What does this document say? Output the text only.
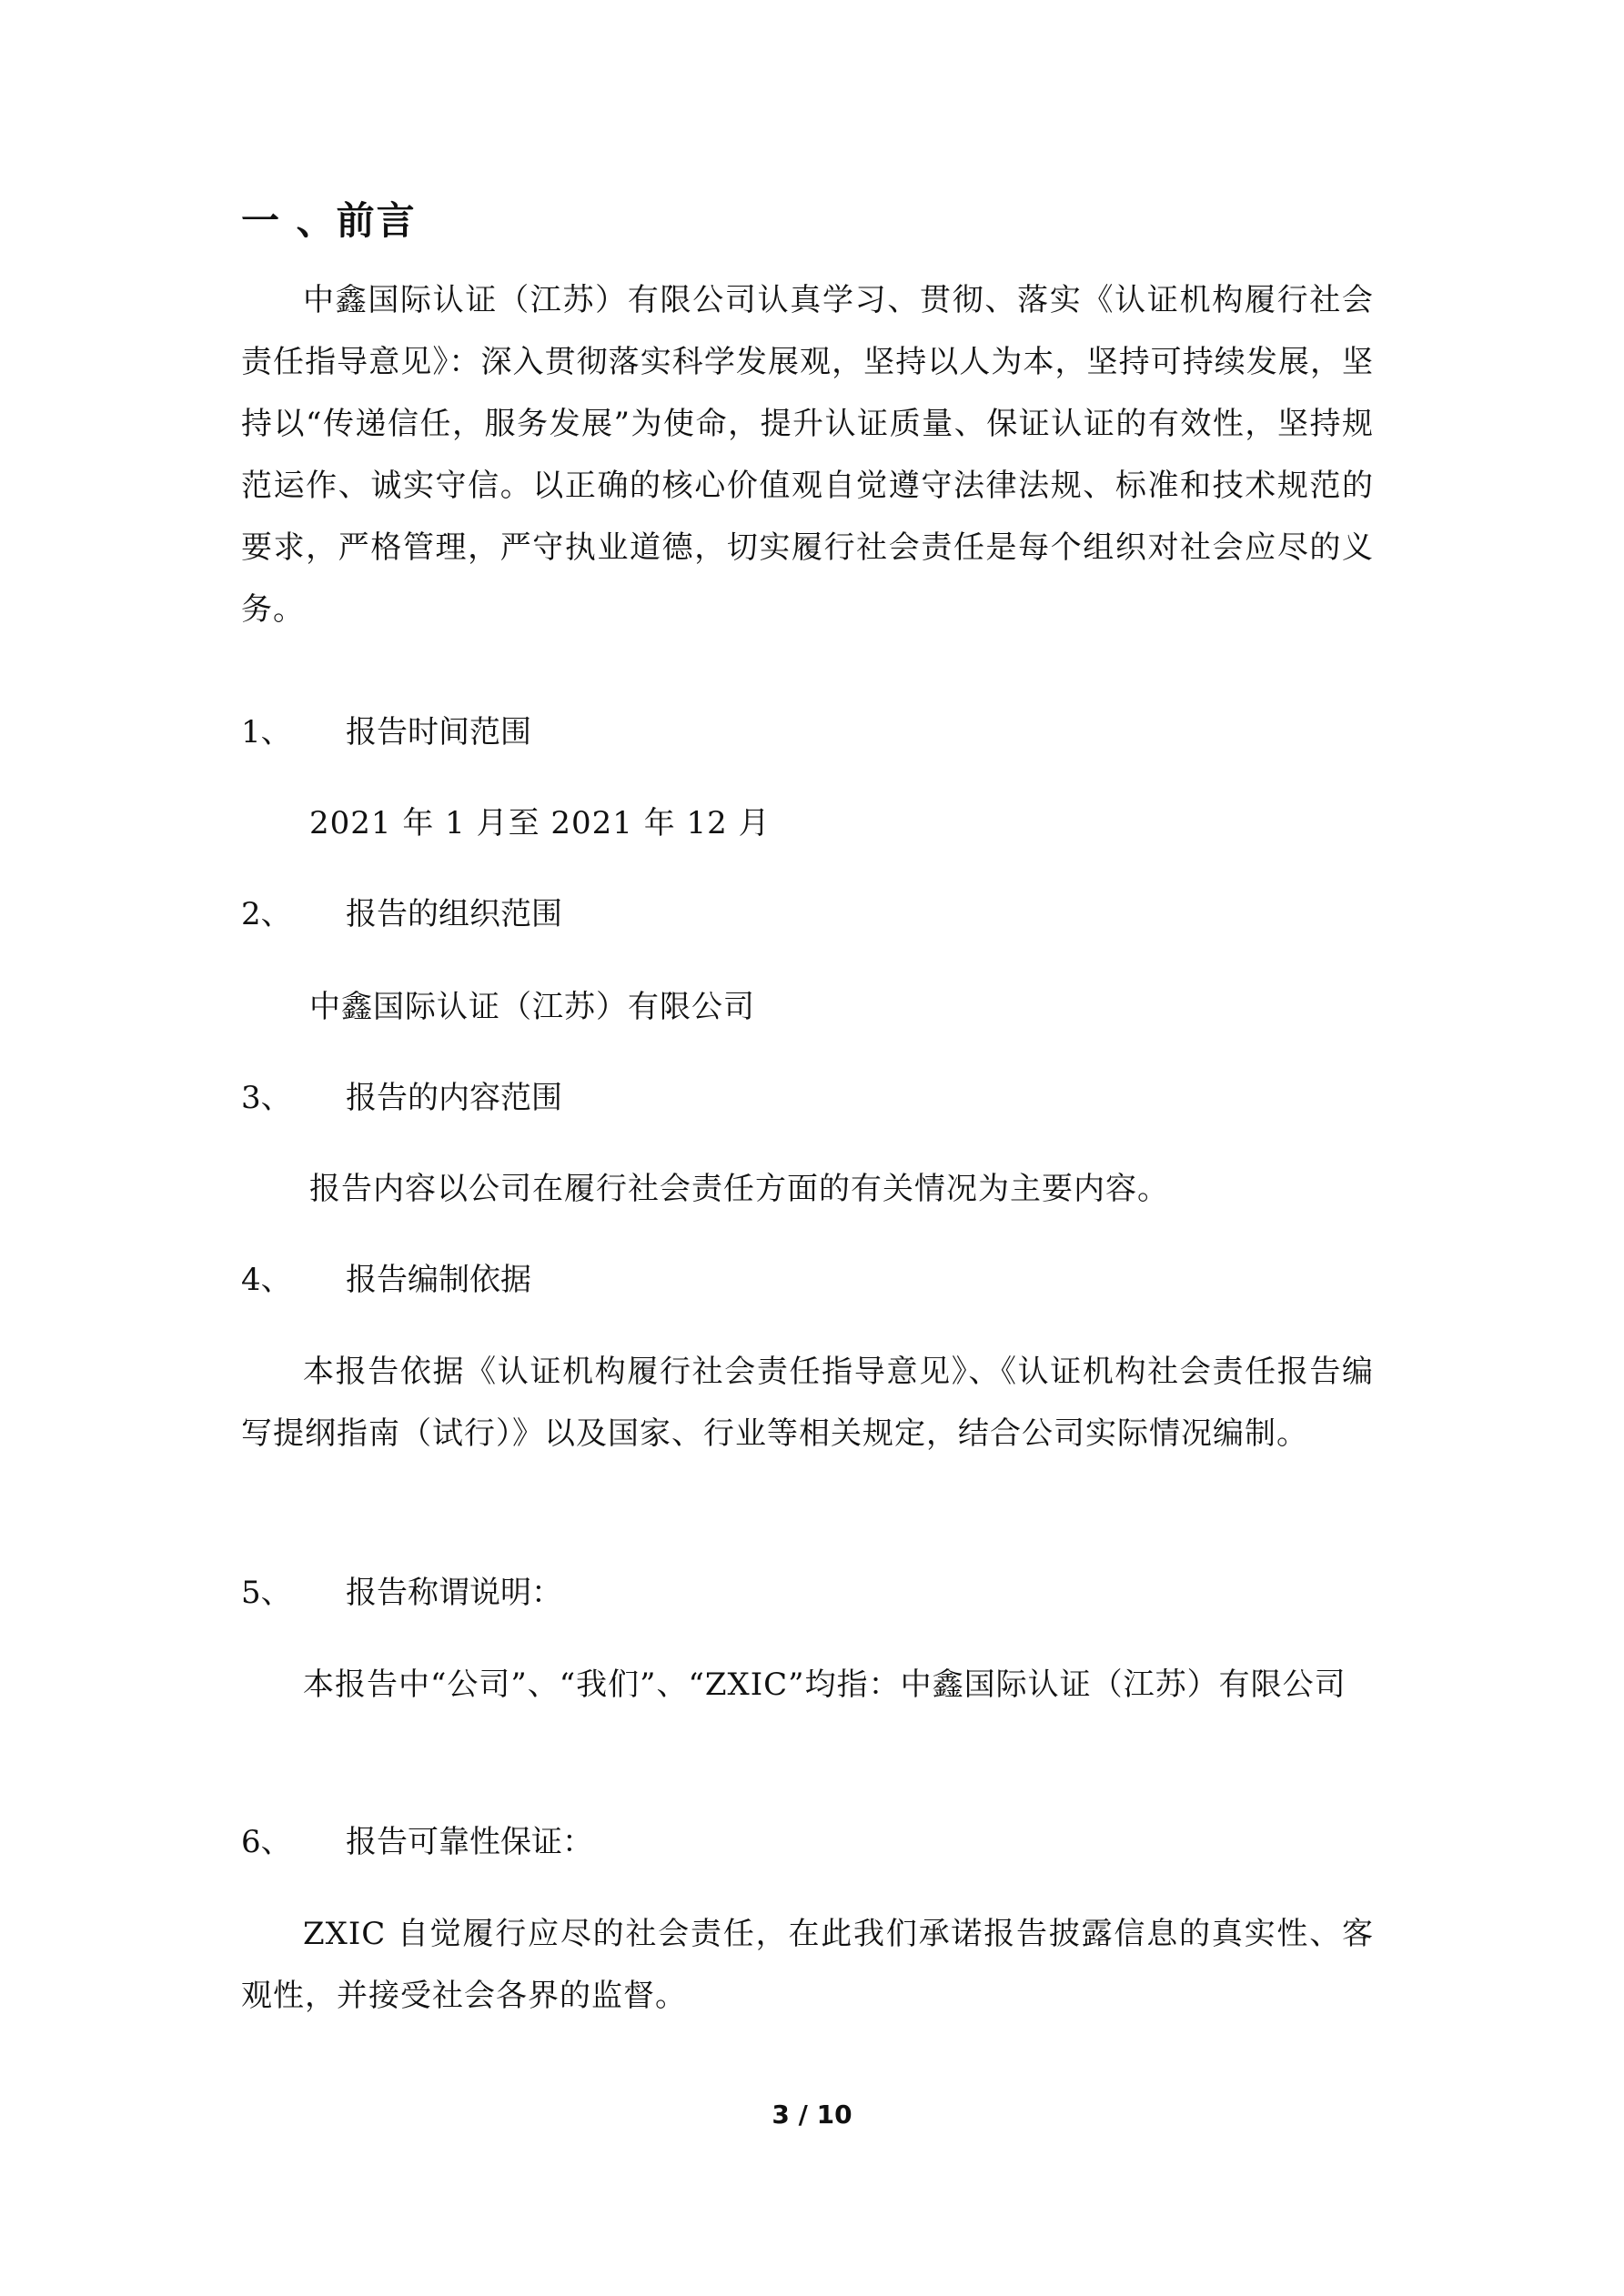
一 、前言
中鑫国际认证（江苏）有限公司认真学习、贯彻、落实《认证机构履行社会责任指导意见》：深入贯彻落实科学发展观，坚持以人为本，坚持可持续发展，坚持以“传递信任，服务发展”为使命，提升认证质量、保证认证的有效性，坚持规范运作、诚实守信。以正确的核心价值观自觉遵守法律法规、标准和技术规范的要求，严格管理，严守执业道德，切实履行社会责任是每个组织对社会应尽的义务。
1、 报告时间范围
2021 年 1 月至 2021 年 12 月
2、 报告的组织范围
中鑫国际认证（江苏）有限公司
3、 报告的内容范围
报告内容以公司在履行社会责任方面的有关情况为主要内容。
4、 报告编制依据
本报告依据《认证机构履行社会责任指导意见》、《认证机构社会责任报告编写提纲指南（试行）》以及国家、行业等相关规定，结合公司实际情况编制。
5、 报告称谓说明：
本报告中“公司”、“我们”、“ZXIC”均指：中鑫国际认证（江苏）有限公司
6、 报告可靠性保证：
ZXIC 自觉履行应尽的社会责任，在此我们承诺报告披露信息的真实性、客观性，并接受社会各界的监督。
3 / 10
